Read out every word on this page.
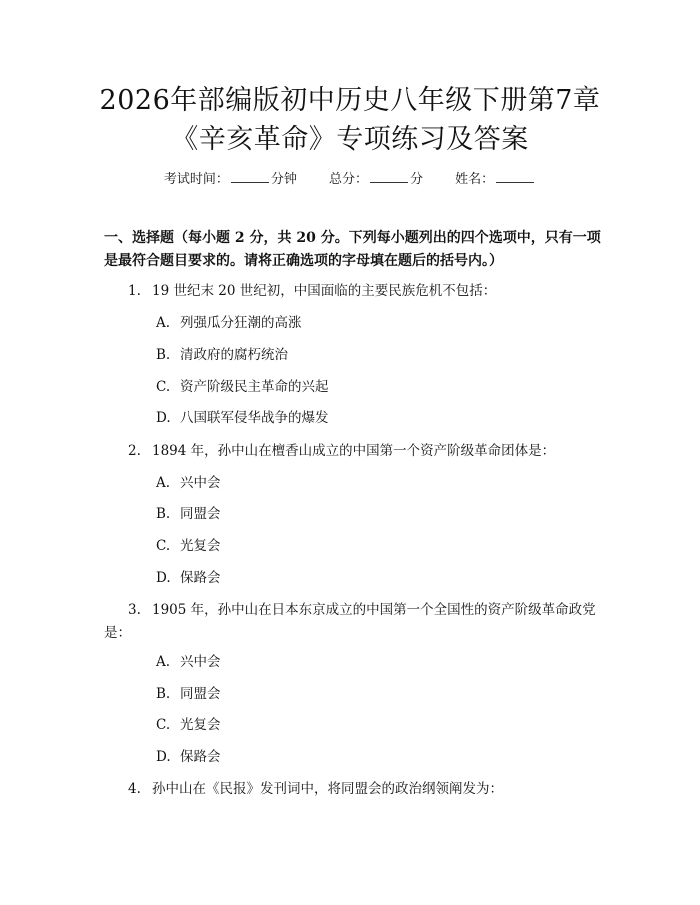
2026年部编版初中历史八年级下册第7章
《辛亥革命》专项练习及答案
考试时间：	分钟 总分：	分 姓名：
一、选择题（每小题 2 分，共 20 分。下列每小题列出的四个选项中，只有一项是最符合题目要求的。请将正确选项的字母填在题后的括号内。）
1. 19 世纪末 20 世纪初，中国面临的主要民族危机不包括：
A. 列强瓜分狂潮的高涨
B. 清政府的腐朽统治
C. 资产阶级民主革命的兴起
D. 八国联军侵华战争的爆发
2. 1894 年，孙中山在檀香山成立的中国第一个资产阶级革命团体是：
A. 兴中会
B. 同盟会
C. 光复会
D. 保路会
3. 1905 年，孙中山在日本东京成立的中国第一个全国性的资产阶级革命政党是：
A. 兴中会
B. 同盟会
C. 光复会
D. 保路会
4. 孙中山在《民报》发刊词中，将同盟会的政治纲领阐发为：
